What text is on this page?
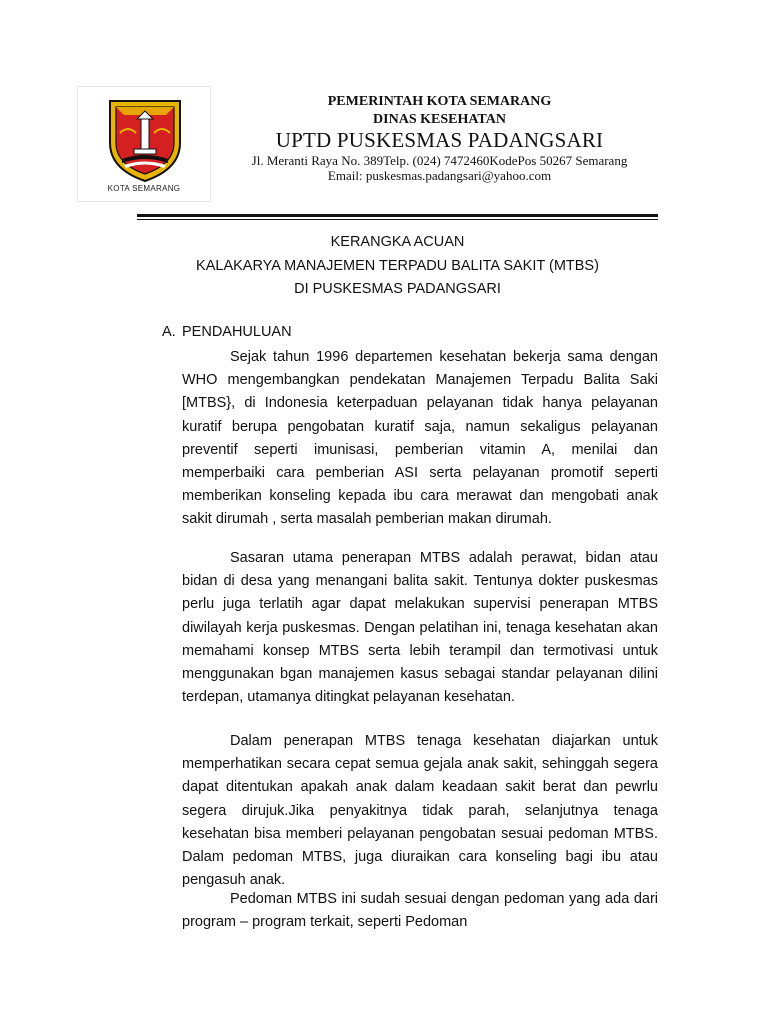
KOTA SEMARANG
PEMERINTAH KOTA SEMARANG
DINAS KESEHATAN
UPTD PUSKESMAS PADANGSARI
Jl. Meranti Raya No. 389Telp. (024) 7472460KodePos 50267 Semarang
Email: puskesmas.padangsari@yahoo.com
KERANGKA ACUAN
KALAKARYA MANAJEMEN TERPADU BALITA SAKIT (MTBS)
DI PUSKESMAS PADANGSARI
A. PENDAHULUAN

Sejak tahun 1996 departemen kesehatan bekerja sama dengan WHO mengembangkan pendekatan Manajemen Terpadu Balita Saki [MTBS}, di Indonesia keterpaduan pelayanan tidak hanya pelayanan kuratif berupa pengobatan kuratif saja, namun sekaligus pelayanan preventif seperti imunisasi, pemberian vitamin A, menilai dan memperbaiki cara pemberian ASI serta pelayanan promotif seperti memberikan konseling kepada ibu cara merawat dan mengobati anak sakit dirumah , serta masalah pemberian makan dirumah.

Sasaran utama penerapan MTBS adalah perawat, bidan atau bidan di desa yang menangani balita sakit. Tentunya dokter puskesmas perlu juga terlatih agar dapat melakukan supervisi penerapan MTBS diwilayah kerja puskesmas. Dengan pelatihan ini, tenaga kesehatan akan memahami konsep MTBS serta lebih terampil dan termotivasi untuk menggunakan bgan manajemen kasus sebagai standar pelayanan dilini terdepan, utamanya ditingkat pelayanan kesehatan.

Dalam penerapan MTBS tenaga kesehatan diajarkan untuk memperhatikan secara cepat semua gejala anak sakit, sehinggah segera dapat ditentukan apakah anak dalam keadaan sakit berat dan pewrlu segera dirujuk.Jika penyakitnya tidak parah, selanjutnya tenaga kesehatan bisa memberi pelayanan pengobatan sesuai pedoman MTBS. Dalam pedoman MTBS, juga diuraikan cara konseling bagi ibu atau pengasuh anak.

Pedoman MTBS ini sudah sesuai dengan pedoman yang ada dari program – program terkait, seperti Pedoman
